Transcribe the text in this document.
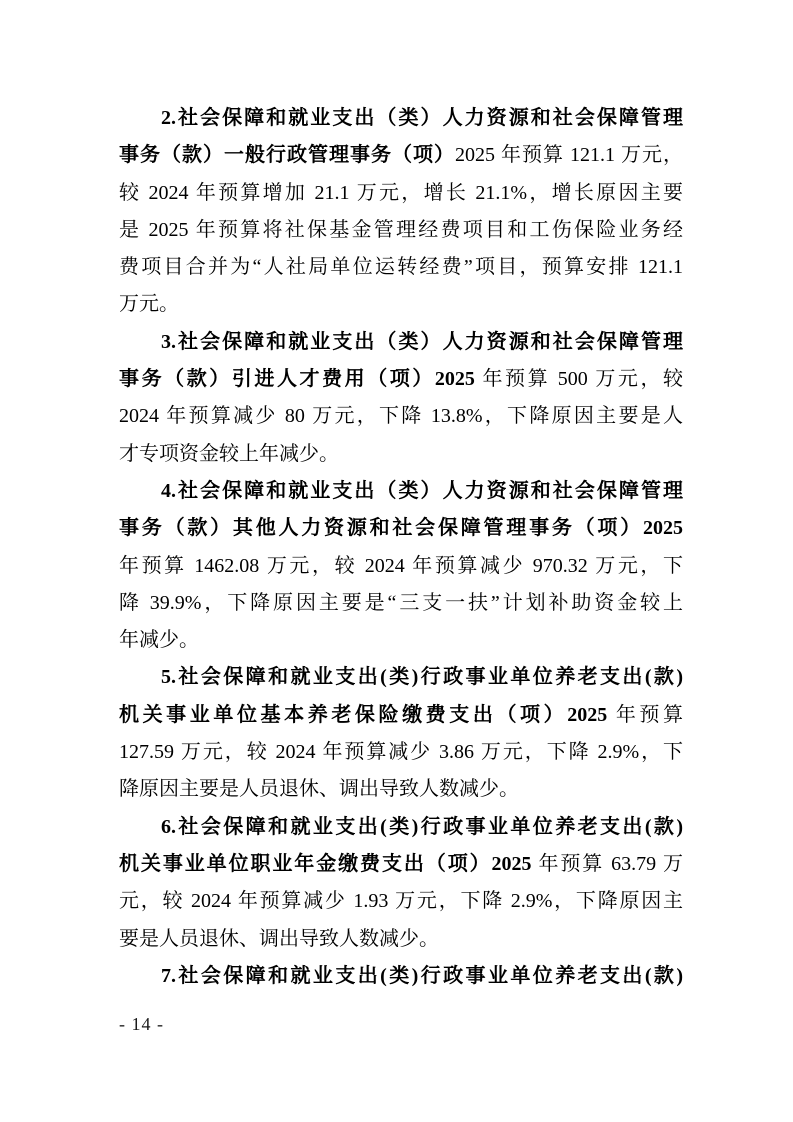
2.社会保障和就业支出（类）人力资源和社会保障管理
事务（款）一般行政管理事务（项）2025 年预算 121.1 万元，
较 2024 年预算增加 21.1 万元，增长 21.1%，增长原因主要
是 2025 年预算将社保基金管理经费项目和工伤保险业务经
费项目合并为“人社局单位运转经费”项目，预算安排 121.1
万元。
3.社会保障和就业支出（类）人力资源和社会保障管理
事务（款）引进人才费用（项）2025 年预算 500 万元，较
2024 年预算减少 80 万元，下降 13.8%，下降原因主要是人
才专项资金较上年减少。
4.社会保障和就业支出（类）人力资源和社会保障管理
事务（款）其他人力资源和社会保障管理事务（项）2025
年预算 1462.08 万元，较 2024 年预算减少 970.32 万元，下
降 39.9%，下降原因主要是“三支一扶”计划补助资金较上
年减少。
5.社会保障和就业支出(类)行政事业单位养老支出(款)
机关事业单位基本养老保险缴费支出（项）2025 年预算
127.59 万元，较 2024 年预算减少 3.86 万元，下降 2.9%，下
降原因主要是人员退休、调出导致人数减少。
6.社会保障和就业支出(类)行政事业单位养老支出(款)
机关事业单位职业年金缴费支出（项）2025 年预算 63.79 万
元，较 2024 年预算减少 1.93 万元，下降 2.9%，下降原因主
要是人员退休、调出导致人数减少。
7.社会保障和就业支出(类)行政事业单位养老支出(款)
- 14 -
